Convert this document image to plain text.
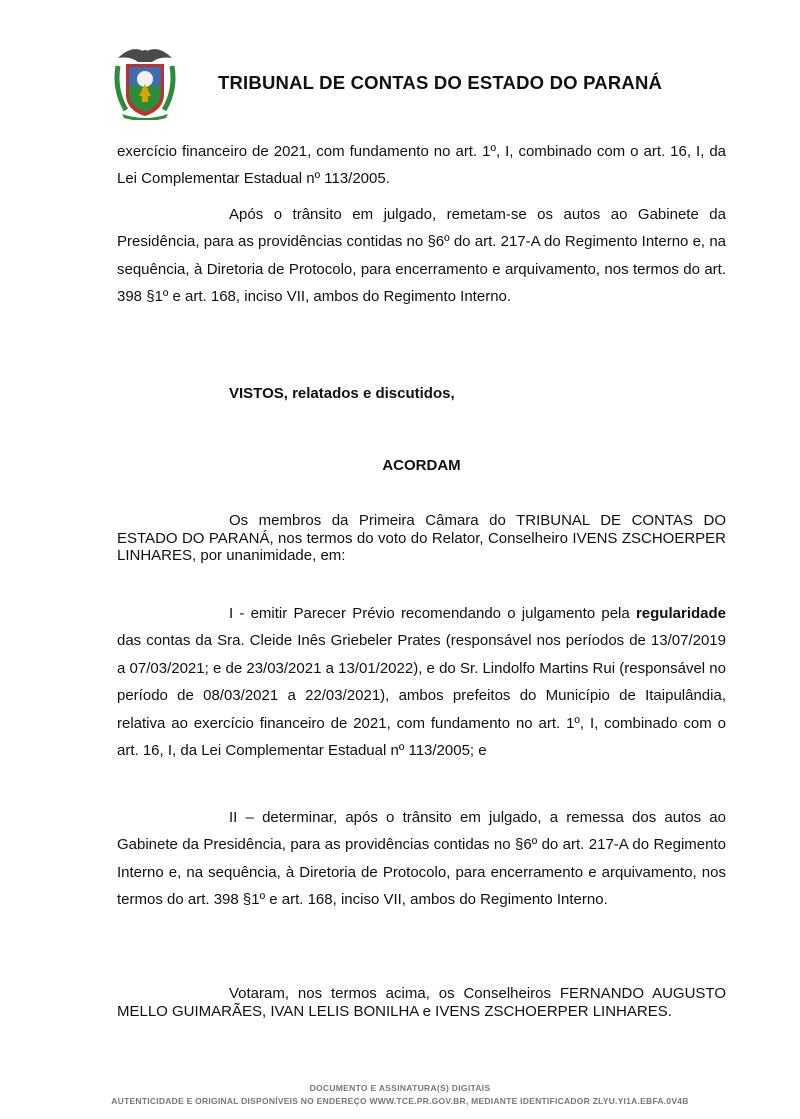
TRIBUNAL DE CONTAS DO ESTADO DO PARANÁ

exercício financeiro de 2021, com fundamento no art. 1º, I, combinado com o art. 16, I, da Lei Complementar Estadual nº 113/2005.

Após o trânsito em julgado, remetam-se os autos ao Gabinete da Presidência, para as providências contidas no §6º do art. 217-A do Regimento Interno e, na sequência, à Diretoria de Protocolo, para encerramento e arquivamento, nos termos do art. 398 §1º e art. 168, inciso VII, ambos do Regimento Interno.

VISTOS, relatados e discutidos,

ACORDAM

Os membros da Primeira Câmara do TRIBUNAL DE CONTAS DO ESTADO DO PARANÁ, nos termos do voto do Relator, Conselheiro IVENS ZSCHOERPER LINHARES, por unanimidade, em:

I - emitir Parecer Prévio recomendando o julgamento pela regularidade das contas da Sra. Cleide Inês Griebeler Prates (responsável nos períodos de 13/07/2019 a 07/03/2021; e de 23/03/2021 a 13/01/2022), e do Sr. Lindolfo Martins Rui (responsável no período de 08/03/2021 a 22/03/2021), ambos prefeitos do Município de Itaipulândia, relativa ao exercício financeiro de 2021, com fundamento no art. 1º, I, combinado com o art. 16, I, da Lei Complementar Estadual nº 113/2005; e

II – determinar, após o trânsito em julgado, a remessa dos autos ao Gabinete da Presidência, para as providências contidas no §6º do art. 217-A do Regimento Interno e, na sequência, à Diretoria de Protocolo, para encerramento e arquivamento, nos termos do art. 398 §1º e art. 168, inciso VII, ambos do Regimento Interno.

Votaram, nos termos acima, os Conselheiros FERNANDO AUGUSTO MELLO GUIMARÃES, IVAN LELIS BONILHA e IVENS ZSCHOERPER LINHARES.

DOCUMENTO E ASSINATURA(S) DIGITAIS
AUTENTICIDADE E ORIGINAL DISPONÍVEIS NO ENDEREÇO WWW.TCE.PR.GOV.BR, MEDIANTE IDENTIFICADOR ZLYU.YI1A.EBFA.0V4B
